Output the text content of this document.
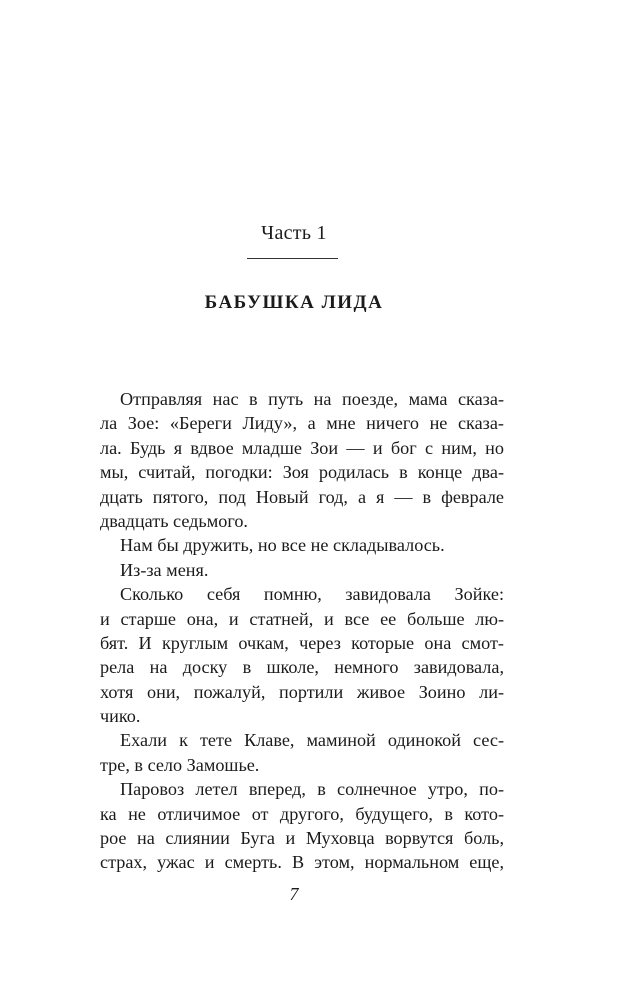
Часть 1
БАБУШКА ЛИДА
Отправляя нас в путь на поезде, мама сказа-
ла Зое: «Береги Лиду», а мне ничего не сказа-
ла. Будь я вдвое младше Зои — и бог с ним, но
мы, считай, погодки: Зоя родилась в конце два-
дцать пятого, под Новый год, а я — в феврале
двадцать седьмого.
Нам бы дружить, но все не складывалось.
Из-за меня.
Сколько себя помню, завидовала Зойке:
и старше она, и статней, и все ее больше лю-
бят. И круглым очкам, через которые она смот-
рела на доску в школе, немного завидовала,
хотя они, пожалуй, портили живое Зоино ли-
чико.
Ехали к тете Клаве, маминой одинокой сес-
тре, в село Замошье.
Паровоз летел вперед, в солнечное утро, по-
ка не отличимое от другого, будущего, в кото-
рое на слиянии Буга и Муховца ворвутся боль,
страх, ужас и смерть. В этом, нормальном еще,
7
